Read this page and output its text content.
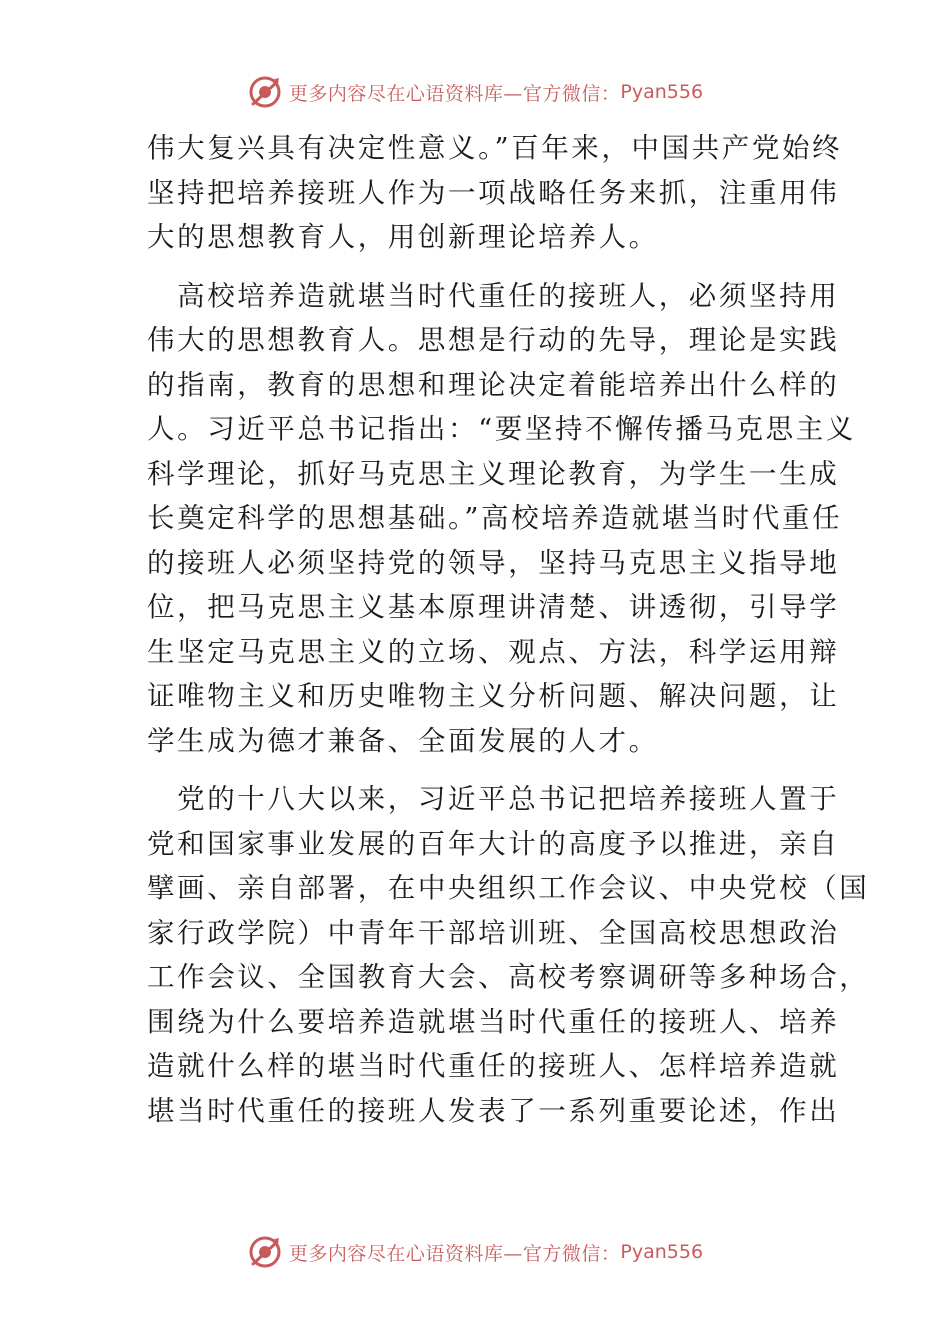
更多内容尽在心语资料库—官方微信： Pyan556

伟大复兴具有决定性意义。”百年来，中国共产党始终
坚持把培养接班人作为一项战略任务来抓，注重用伟
大的思想教育人，用创新理论培养人。

　高校培养造就堪当时代重任的接班人，必须坚持用
伟大的思想教育人。思想是行动的先导，理论是实践
的指南，教育的思想和理论决定着能培养出什么样的
人。习近平总书记指出：“要坚持不懈传播马克思主义
科学理论，抓好马克思主义理论教育，为学生一生成
长奠定科学的思想基础。”高校培养造就堪当时代重任
的接班人必须坚持党的领导，坚持马克思主义指导地
位，把马克思主义基本原理讲清楚、讲透彻，引导学
生坚定马克思主义的立场、观点、方法，科学运用辩
证唯物主义和历史唯物主义分析问题、解决问题，让
学生成为德才兼备、全面发展的人才。

　党的十八大以来，习近平总书记把培养接班人置于
党和国家事业发展的百年大计的高度予以推进，亲自
擘画、亲自部署，在中央组织工作会议、中央党校（国
家行政学院）中青年干部培训班、全国高校思想政治
工作会议、全国教育大会、高校考察调研等多种场合，
围绕为什么要培养造就堪当时代重任的接班人、培养
造就什么样的堪当时代重任的接班人、怎样培养造就
堪当时代重任的接班人发表了一系列重要论述，作出

更多内容尽在心语资料库—官方微信： Pyan556
